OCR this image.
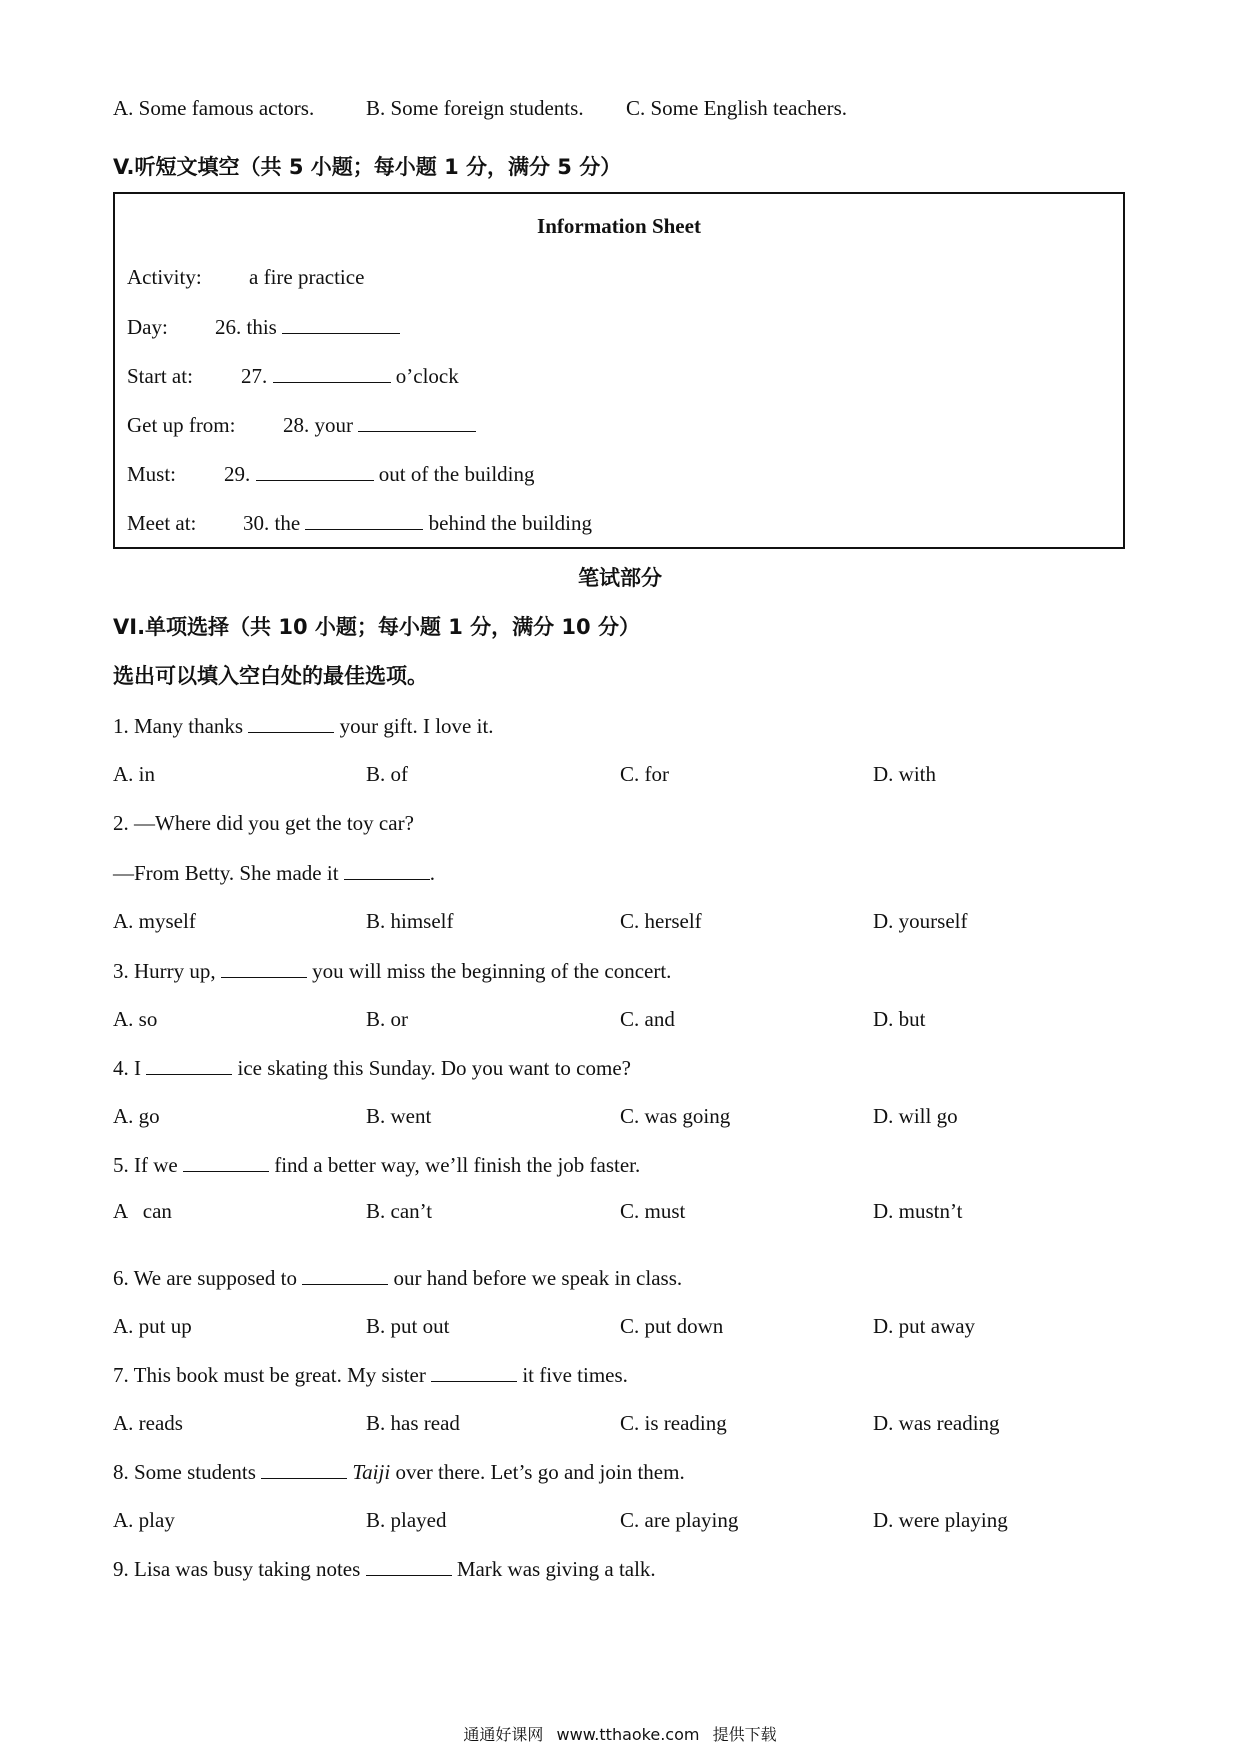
A. Some famous actors. B. Some foreign students. C. Some English teachers.
V.听短文填空（共 5 小题；每小题 1 分，满分 5 分）
Information Sheet
Activity: a fire practice
Day: 26. this
Start at: 27.	o’clock
Get up from: 28. your
Must: 29.	out of the building
Meet at: 30. the	behind the building
笔试部分
VI.单项选择（共 10 小题；每小题 1 分，满分 10 分）
选出可以填入空白处的最佳选项。
1. Many thanks	your gift. I love it.
A. in	B. of	C. for	D. with
2. —Where did you get the toy car?
—From Betty. She made it	.
A. myself	B. himself	C. herself	D. yourself
3. Hurry up,	you will miss the beginning of the concert.
A. so	B. or	C. and	D. but
4. I	ice skating this Sunday. Do you want to come?
A. go	B. went	C. was going	D. will go
5. If we	find a better way, we’ll finish the job faster.
A   can	B. can’t	C. must	D. mustn’t
6. We are supposed to	our hand before we speak in class.
A. put up	B. put out	C. put down	D. put away
7. This book must be great. My sister	it five times.
A. reads	B. has read	C. is reading	D. was reading
8. Some students	Taiji over there. Let’s go and join them.
A. play	B. played	C. are playing	D. were playing
9. Lisa was busy taking notes	Mark was giving a talk.
通通好课网 www.tthaoke.com 提供下载
